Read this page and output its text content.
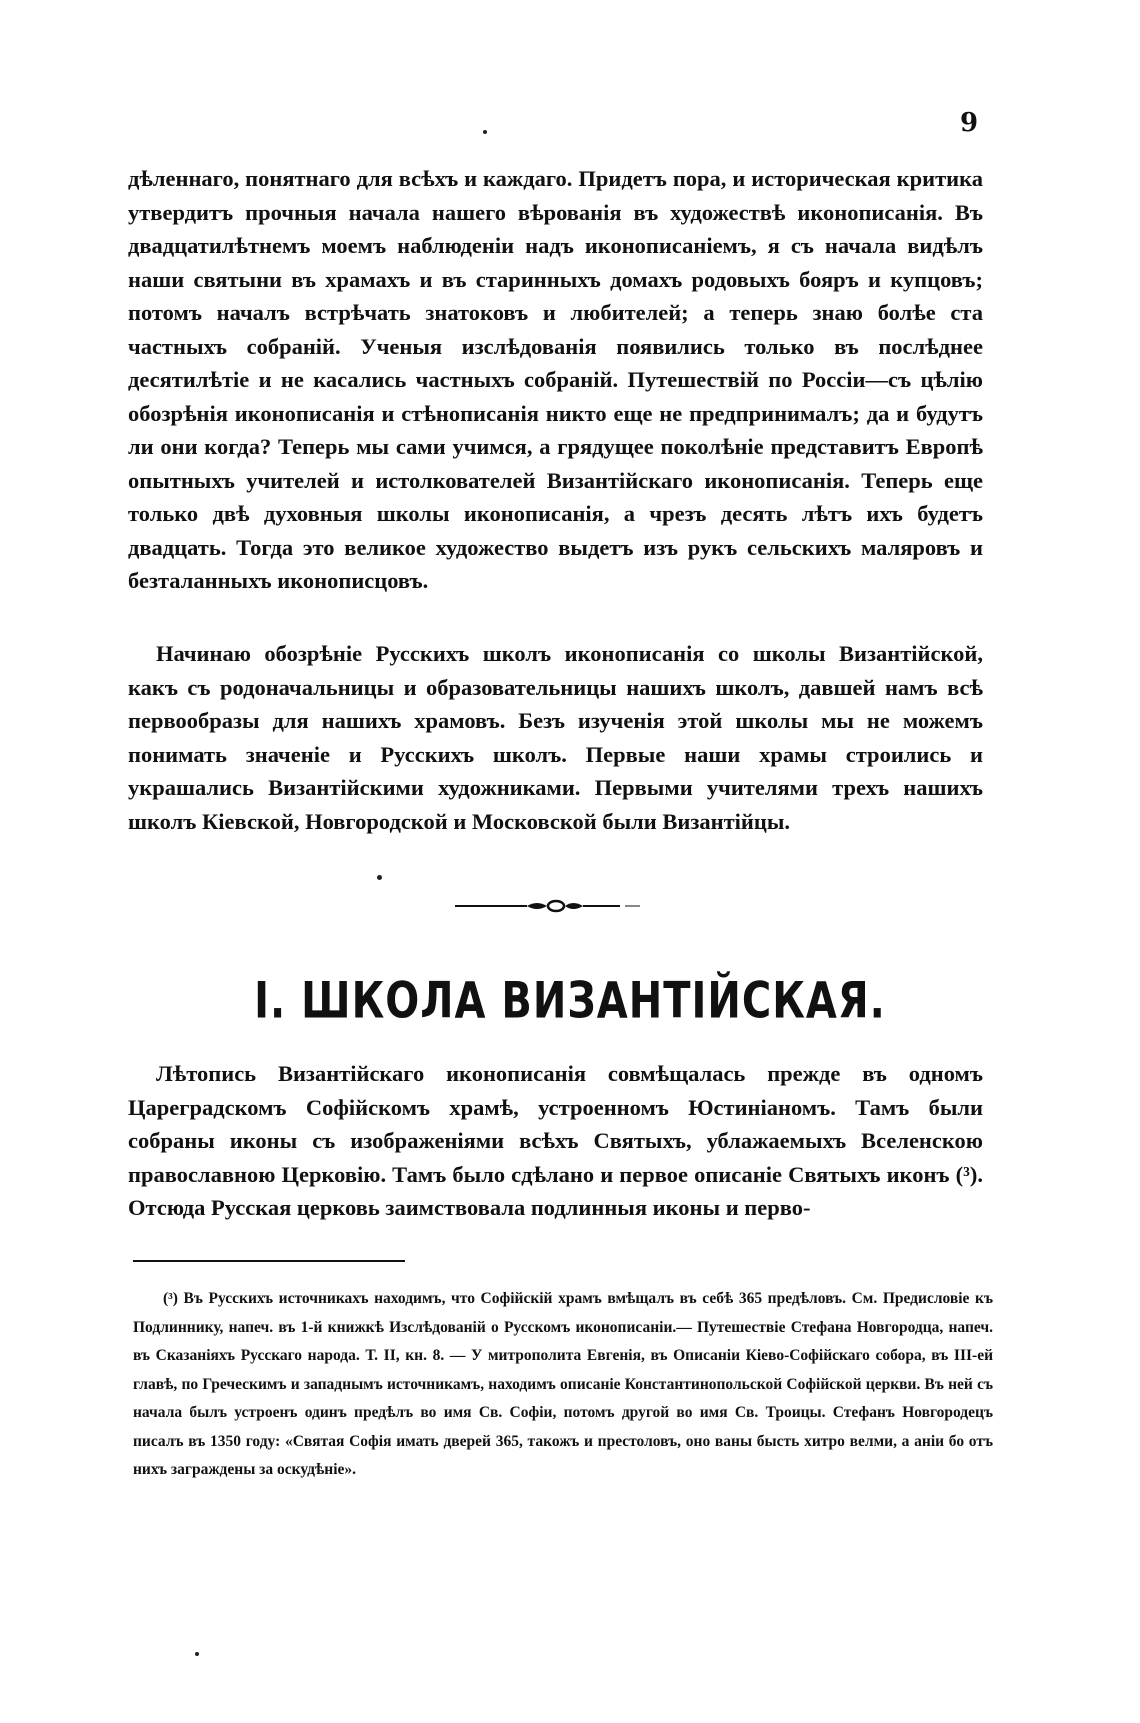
9

дѣленнаго, понятнаго для всѣхъ и каждаго. Придетъ пора, и историческая критика утвердитъ прочныя начала нашего вѣрованія въ художествѣ иконописанія. Въ двадцатилѣтнемъ моемъ наблюденіи надъ иконописаніемъ, я съ начала видѣлъ наши святыни въ храмахъ и въ старинныхъ домахъ родовыхъ бояръ и купцовъ; потомъ началъ встрѣчать знатоковъ и любителей; а теперь знаю болѣе ста частныхъ собраній. Ученыя изслѣдованія появились только въ послѣднее десятилѣтіе и не касались частныхъ собраній. Путешествій по Россіи—съ цѣлію обозрѣнія иконописанія и стѣнописанія никто еще не предпринималъ; да и будутъ ли они когда? Теперь мы сами учимся, а грядущее поколѣніе представитъ Европѣ опытныхъ учителей и истолкователей Византійскаго иконописанія. Теперь еще только двѣ духовныя школы иконописанія, а чрезъ десять лѣтъ ихъ будетъ двадцать. Тогда это великое художество выдетъ изъ рукъ сельскихъ маляровъ и безталанныхъ иконописцовъ.

Начинаю обозрѣніе Русскихъ школъ иконописанія со школы Византійской, какъ съ родоначальницы и образовательницы нашихъ школъ, давшей намъ всѣ первообразы для нашихъ храмовъ. Безъ изученія этой школы мы не можемъ понимать значеніе и Русскихъ школъ. Первые наши храмы строились и украшались Византійскими художниками. Первыми учителями трехъ нашихъ школъ Кіевской, Новгородской и Московской были Византійцы.

I. ШКОЛА ВИЗАНТІЙСКАЯ.

Лѣтопись Византійскаго иконописанія совмѣщалась прежде въ одномъ Цареградскомъ Софійскомъ храмѣ, устроенномъ Юстиніаномъ. Тамъ были собраны иконы съ изображеніями всѣхъ Святыхъ, ублажаемыхъ Вселенскою православною Церковію. Тамъ было сдѣлано и первое описаніе Святыхъ иконъ (³). Отсюда Русская церковь заимствовала подлинныя иконы и перво-

(³) Въ Русскихъ источникахъ находимъ, что Софійскій храмъ вмѣщалъ въ себѣ 365 предѣловъ. См. Предисловіе къ Подлиннику, напеч. въ 1-й книжкѣ Изслѣдованій о Русскомъ иконописаніи.— Путешествіе Стефана Новгородца, напеч. въ Сказаніяхъ Русскаго народа. Т. II, кн. 8. — У митрополита Евгенія, въ Описаніи Кіево-Софійскаго собора, въ III-ей главѣ, по Греческимъ и западнымъ источникамъ, находимъ описаніе Константинопольской Софійской церкви. Въ ней съ начала былъ устроенъ одинъ предѣлъ во имя Св. Софіи, потомъ другой во имя Св. Троицы. Стефанъ Новгородецъ писалъ въ 1350 году: «Святая Софія имать дверей 365, такожъ и престоловъ, оно ваны бысть хитро велми, а аніи бо отъ нихъ заграждены за оскудѣніе».
